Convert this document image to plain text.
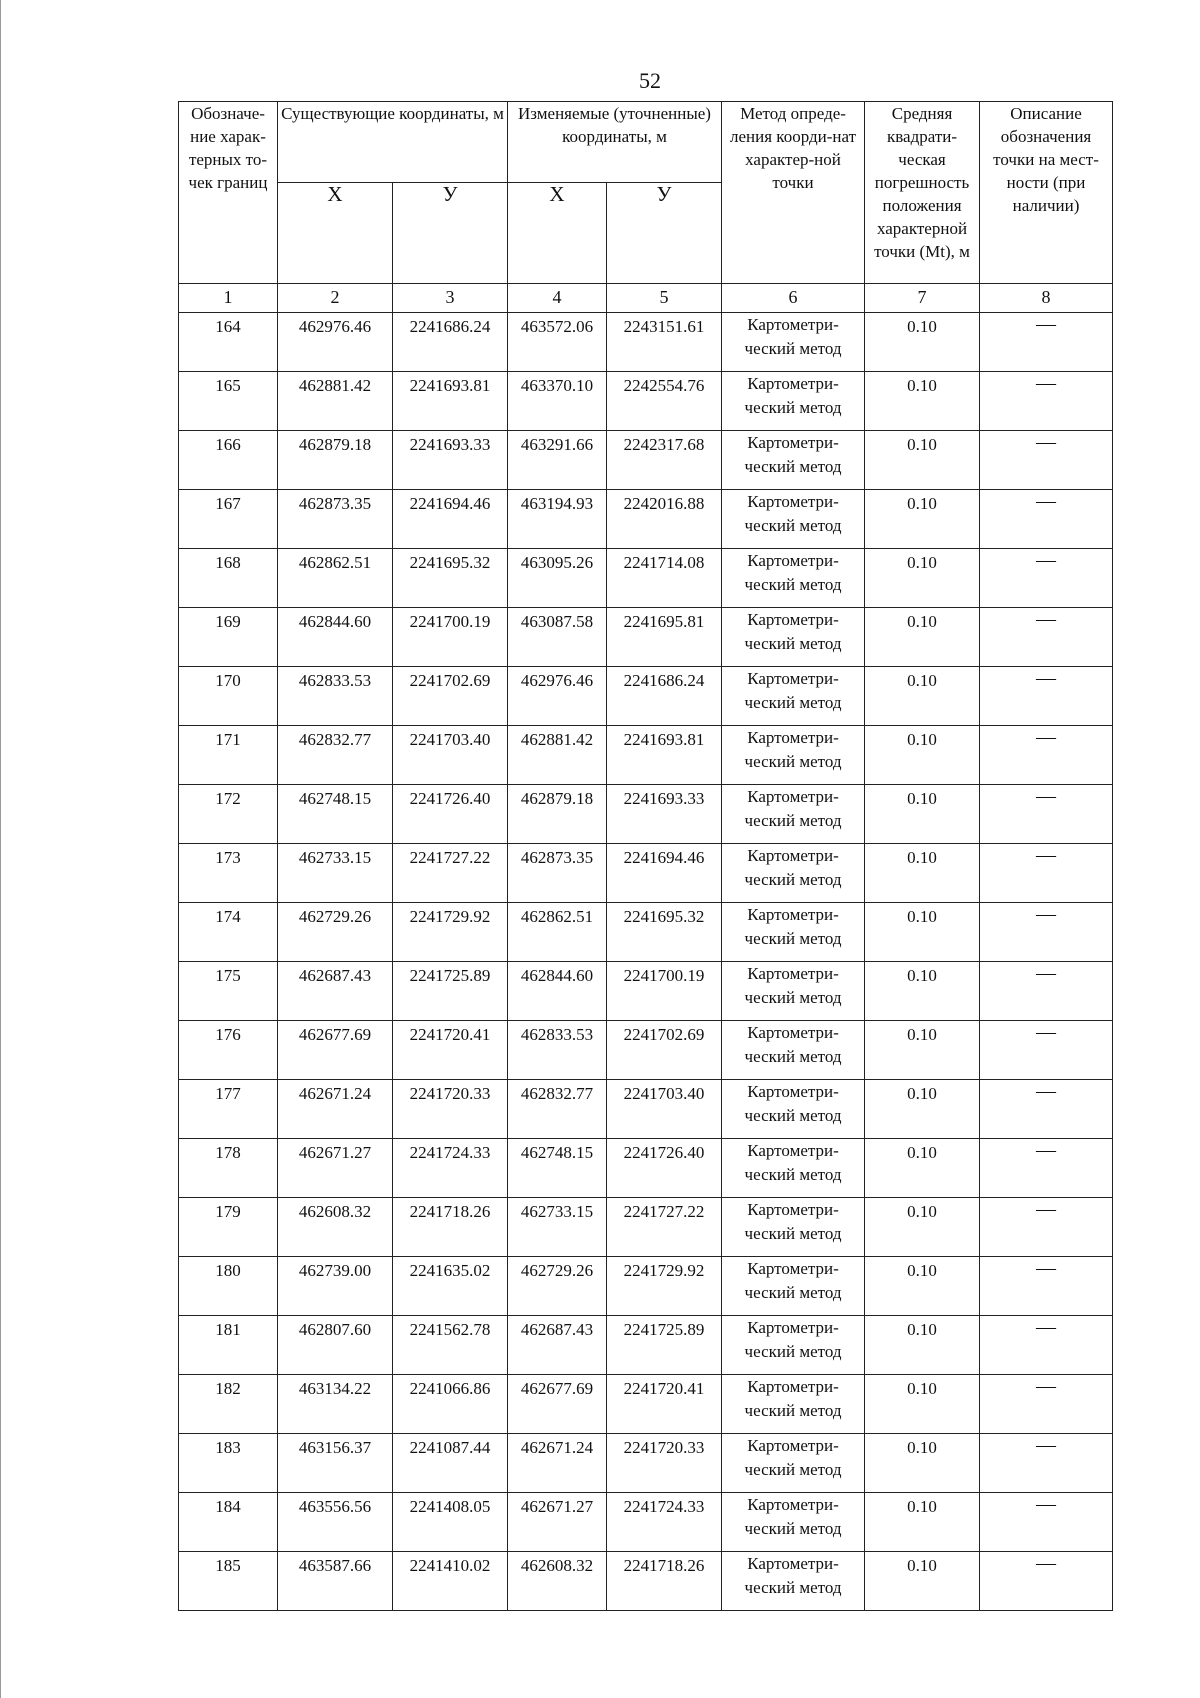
52
Обозначе-ние харак-терных то-чек границ	Существующие координаты, м		Изменяемые (уточненные) координаты, м		Метод опреде-ления коорди-нат характер-ной точки	Средняя квадрати-ческая погрешность положения характерной точки (Mt), м	Описание обозначения точки на мест-ности (при наличии)
	Х	У	Х	У			
1	2	3	4	5	6	7	8
164	462976.46	2241686.24	463572.06	2243151.61	Картометри-ческий метод	0.10	—
165	462881.42	2241693.81	463370.10	2242554.76	Картометри-ческий метод	0.10	—
166	462879.18	2241693.33	463291.66	2242317.68	Картометри-ческий метод	0.10	—
167	462873.35	2241694.46	463194.93	2242016.88	Картометри-ческий метод	0.10	—
168	462862.51	2241695.32	463095.26	2241714.08	Картометри-ческий метод	0.10	—
169	462844.60	2241700.19	463087.58	2241695.81	Картометри-ческий метод	0.10	—
170	462833.53	2241702.69	462976.46	2241686.24	Картометри-ческий метод	0.10	—
171	462832.77	2241703.40	462881.42	2241693.81	Картометри-ческий метод	0.10	—
172	462748.15	2241726.40	462879.18	2241693.33	Картометри-ческий метод	0.10	—
173	462733.15	2241727.22	462873.35	2241694.46	Картометри-ческий метод	0.10	—
174	462729.26	2241729.92	462862.51	2241695.32	Картометри-ческий метод	0.10	—
175	462687.43	2241725.89	462844.60	2241700.19	Картометри-ческий метод	0.10	—
176	462677.69	2241720.41	462833.53	2241702.69	Картометри-ческий метод	0.10	—
177	462671.24	2241720.33	462832.77	2241703.40	Картометри-ческий метод	0.10	—
178	462671.27	2241724.33	462748.15	2241726.40	Картометри-ческий метод	0.10	—
179	462608.32	2241718.26	462733.15	2241727.22	Картометри-ческий метод	0.10	—
180	462739.00	2241635.02	462729.26	2241729.92	Картометри-ческий метод	0.10	—
181	462807.60	2241562.78	462687.43	2241725.89	Картометри-ческий метод	0.10	—
182	463134.22	2241066.86	462677.69	2241720.41	Картометри-ческий метод	0.10	—
183	463156.37	2241087.44	462671.24	2241720.33	Картометри-ческий метод	0.10	—
184	463556.56	2241408.05	462671.27	2241724.33	Картометри-ческий метод	0.10	—
185	463587.66	2241410.02	462608.32	2241718.26	Картометри-ческий метод	0.10	—
